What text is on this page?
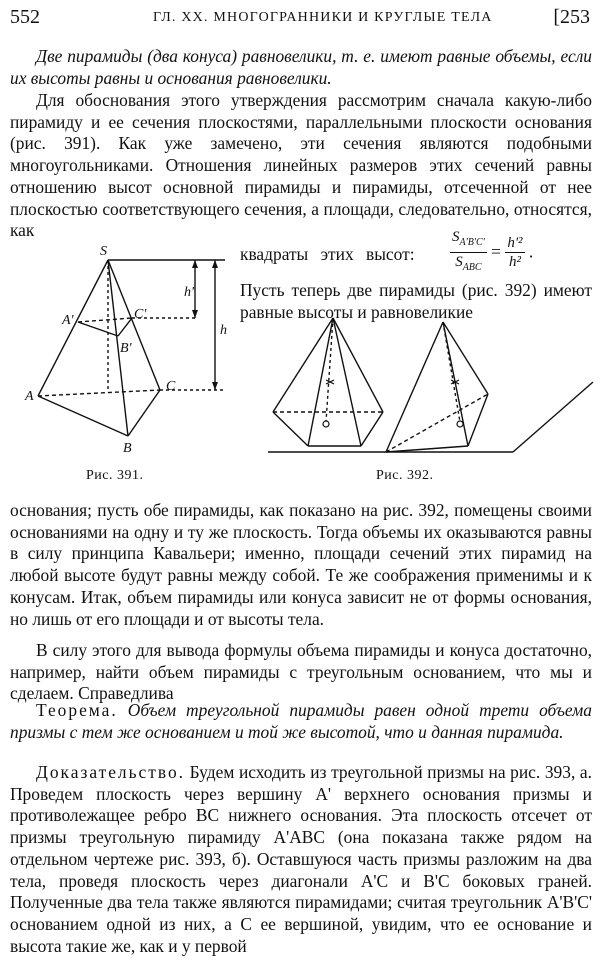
552	ГЛ. XX. МНОГОГРАННИКИ И КРУГЛЫЕ ТЕЛА	[253

Две пирамиды (два конуса) равновелики, т. е. имеют равные объемы, если их высоты равны и основания равновелики.

Для обоснования этого утверждения рассмотрим сначала какую-либо пирамиду и ее сечения плоскостями, параллельными плоскости основания (рис. 391). Как уже замечено, эти сечения являются подобными многоугольниками. Отношения линейных размеров этих сечений равны отношению высот основной пирамиды и пирамиды, отсеченной от нее плоскостью соответствующего сечения, а площади, следовательно, относятся, как

S
A'
B'
C'
A
B
C
h'
h
Рис. 391.
квадраты этих высот: $\frac{S_{A'B'C'}}{S_{ABC}} = \frac{\text{h'²}}{\text{h²}}$ .

Пусть теперь две пирамиды (рис. 392) имеют равные высоты и равновеликие

Рис. 392.

основания; пусть обе пирамиды, как показано на рис. 392, помещены своими основаниями на одну и ту же плоскость. Тогда объемы их оказываются равны в силу принципа Кавальери; именно, площади сечений этих пирамид на любой высоте будут равны между собой. Те же соображения применимы и к конусам. Итак, объем пирамиды или конуса зависит не от формы основания, но лишь от его площади и от высоты тела.

В силу этого для вывода формулы объема пирамиды и конуса достаточно, например, найти объем пирамиды с треугольным основанием, что мы и сделаем. Справедлива

Теорема. Объем треугольной пирамиды равен одной трети объема призмы с тем же основанием и той же высотой, что и данная пирамида.

Доказательство. Будем исходить из треугольной призмы на рис. 393, а. Проведем плоскость через вершину A' верхнего основания призмы и противолежащее ребро BC нижнего основания. Эта плоскость отсечет от призмы треугольную пирамиду A'ABC (она показана также рядом на отдельном чертеже рис. 393, б). Оставшуюся часть призмы разложим на два тела, проведя плоскость через диагонали A'C и B'C боковых граней. Полученные два тела также являются пирамидами; считая треугольник A'B'C' основанием одной из них, а C ее вершиной, увидим, что ее основание и высота такие же, как и у первой
